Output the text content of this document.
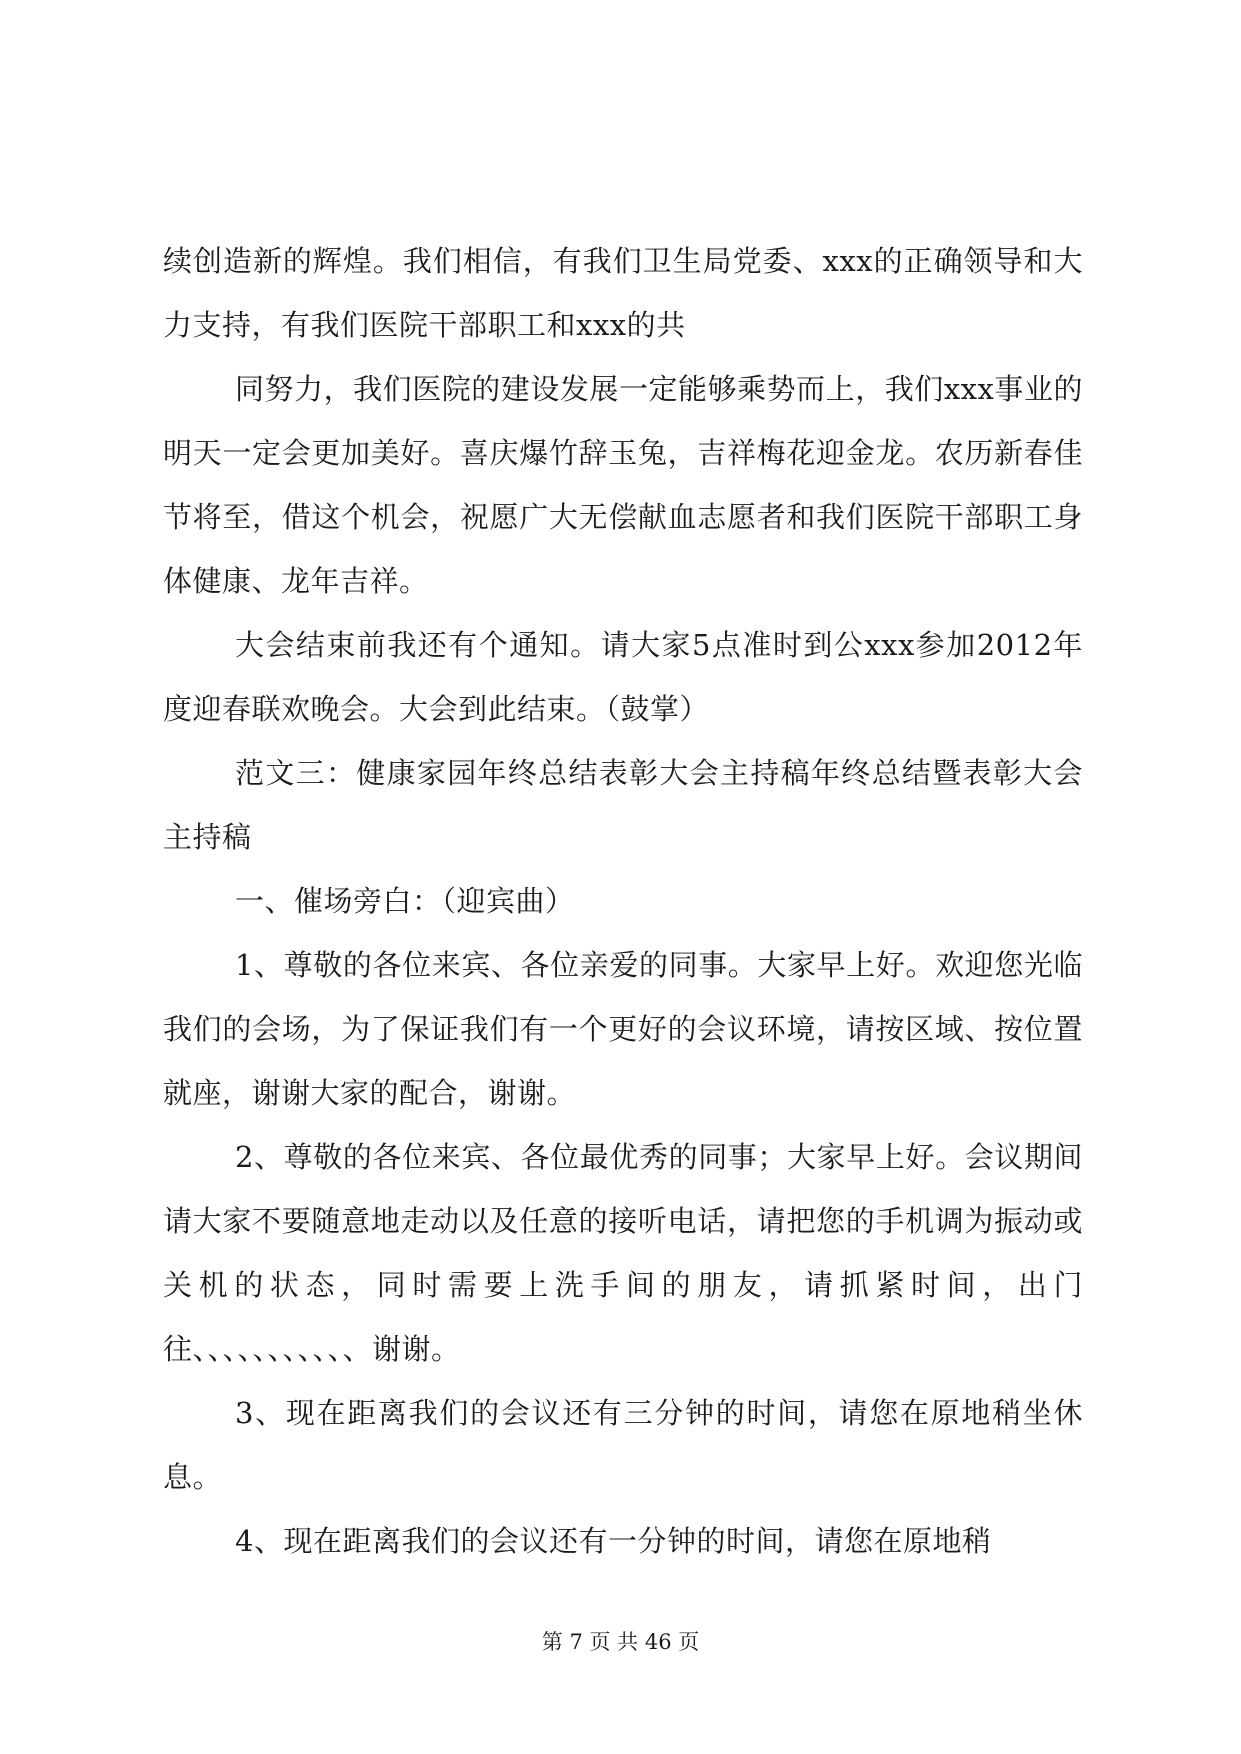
续创造新的辉煌。我们相信，有我们卫生局党委、xxx的正确领导和大力支持，有我们医院干部职工和xxx的共

同努力，我们医院的建设发展一定能够乘势而上，我们xxx事业的明天一定会更加美好。喜庆爆竹辞玉兔，吉祥梅花迎金龙。农历新春佳节将至，借这个机会，祝愿广大无偿献血志愿者和我们医院干部职工身体健康、龙年吉祥。

大会结束前我还有个通知。请大家5点准时到公xxx参加2012年度迎春联欢晚会。大会到此结束。（鼓掌）

范文三：健康家园年终总结表彰大会主持稿年终总结暨表彰大会主持稿

一、催场旁白：（迎宾曲）

1、尊敬的各位来宾、各位亲爱的同事。大家早上好。欢迎您光临我们的会场，为了保证我们有一个更好的会议环境，请按区域、按位置就座，谢谢大家的配合，谢谢。

2、尊敬的各位来宾、各位最优秀的同事；大家早上好。会议期间请大家不要随意地走动以及任意的接听电话，请把您的手机调为振动或关机的状态，同时需要上洗手间的朋友，请抓紧时间，出门往、、、、、、、、、、、谢谢。

3、现在距离我们的会议还有三分钟的时间，请您在原地稍坐休息。

4、现在距离我们的会议还有一分钟的时间，请您在原地稍

第 7 页 共 46 页
